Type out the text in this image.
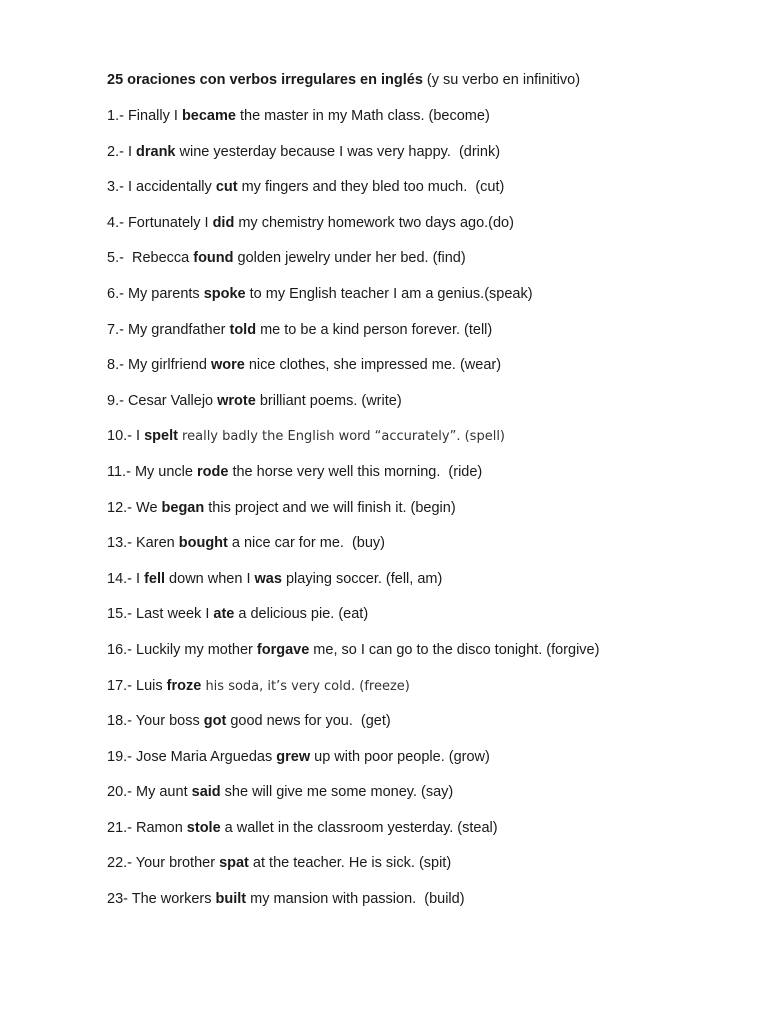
25 oraciones con verbos irregulares en inglés (y su verbo en infinitivo)
1.- Finally I became the master in my Math class. (become)
2.- I drank wine yesterday because I was very happy.  (drink)
3.- I accidentally cut my fingers and they bled too much.  (cut)
4.- Fortunately I did my chemistry homework two days ago.(do)
5.-  Rebecca found golden jewelry under her bed. (find)
6.- My parents spoke to my English teacher I am a genius.(speak)
7.- My grandfather told me to be a kind person forever. (tell)
8.- My girlfriend wore nice clothes, she impressed me. (wear)
9.- Cesar Vallejo wrote brilliant poems. (write)
10.- I spelt really badly the English word “accurately”. (spell)
11.- My uncle rode the horse very well this morning.  (ride)
12.- We began this project and we will finish it. (begin)
13.- Karen bought a nice car for me.  (buy)
14.- I fell down when I was playing soccer. (fell, am)
15.- Last week I ate a delicious pie. (eat)
16.- Luckily my mother forgave me, so I can go to the disco tonight. (forgive)
17.- Luis froze his soda, it’s very cold. (freeze)
18.- Your boss got good news for you.  (get)
19.- Jose Maria Arguedas grew up with poor people. (grow)
20.- My aunt said she will give me some money. (say)
21.- Ramon stole a wallet in the classroom yesterday. (steal)
22.- Your brother spat at the teacher. He is sick. (spit)
23- The workers built my mansion with passion.  (build)
